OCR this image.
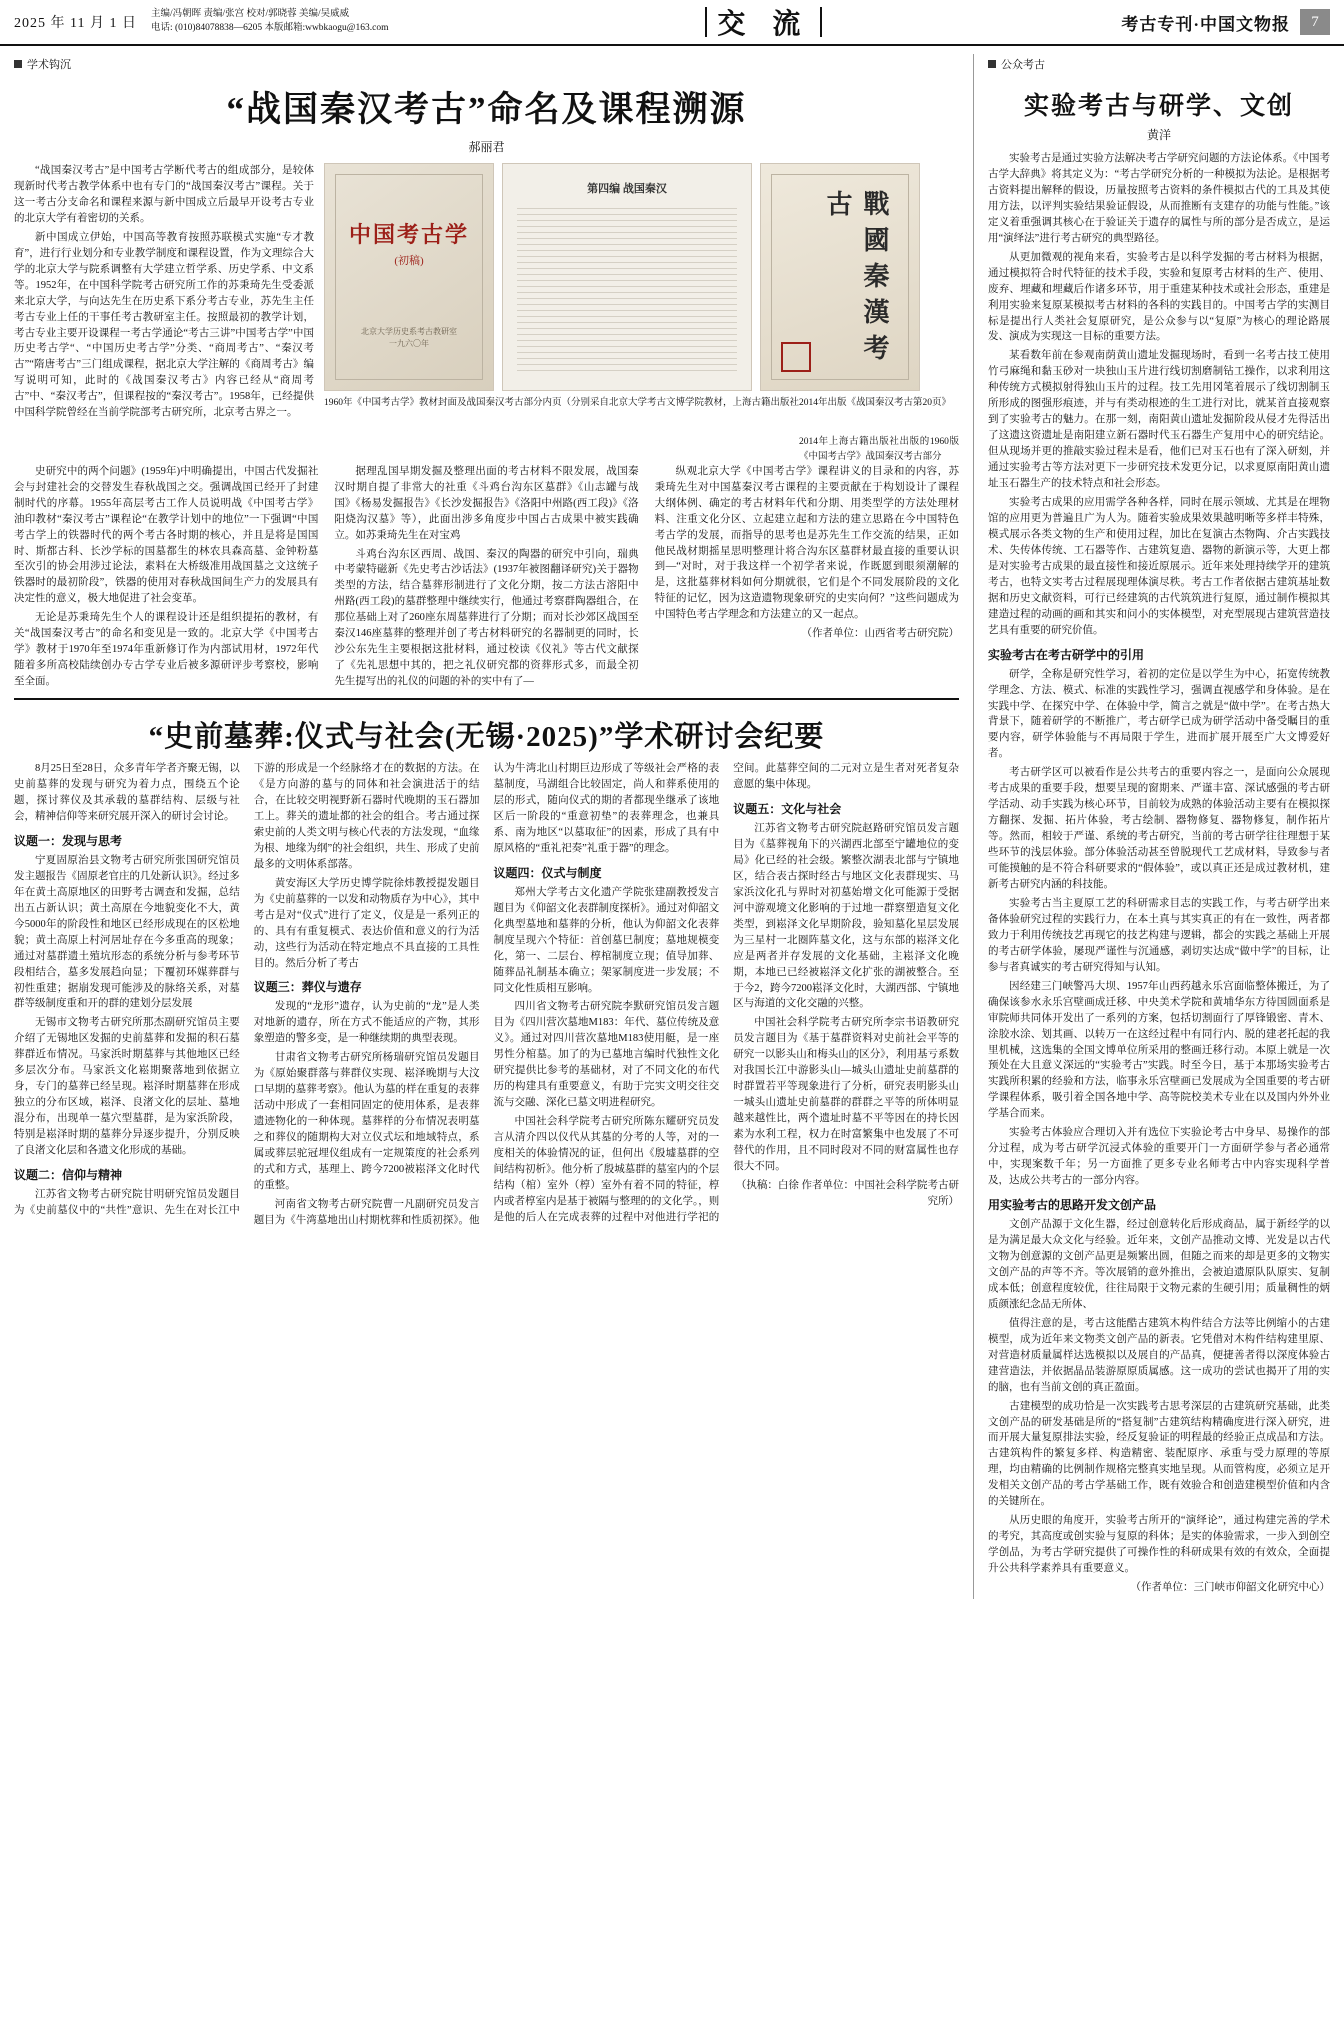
2025 年 11 月 1 日
主编/冯朝晖 责编/张宫 校对/郭晓蓉 美编/吴威威
电话: (010)84078838—6205 本版邮箱:wwbkaogu@163.com	交 流	考古专刊·中国文物报	7
学术钩沉
“战国秦汉考古”命名及课程溯源
郝丽君

“战国秦汉考古”是中国考古学断代考古的组成部分，是较体现新时代考古教学体系中也有专门的“战国秦汉考古”课程。关于这一考古分支命名和课程来源与新中国成立后最早开设考古专业的北京大学有着密切的关系。

新中国成立伊始，中国高等教育按照苏联模式实施“专才教育”，进行行业划分和专业教学制度和课程设置，作为文理综合大学的北京大学与院系调整有大学建立哲学系、历史学系、中文系等。1952年，在中国科学院考古研究所工作的苏秉琦先生受委派来北京大学，与向达先生在历史系下系分考古专业，苏先生主任考古专业上任的干事任考古教研室主任。按照最初的教学计划，考古专业主要开设课程一考古学通论“考古三讲”中国考古学”中国历史考古学“、“中国历史考古学”分类、“商周考古”、“秦汉考古”“隋唐考古”三门组成课程，据北京大学注解的《商周考古》编写说明可知，此时的《战国秦汉考古》内容已经从“商周考古”中、“秦汉考古”，但课程按的“秦汉考古”。1958年，已经提供中国科学院曾经在当前学院部考古研究所，北京考古界之一。

中国考古学
(初稿)
北京大学历史系考古教研室
一九六〇年
第四编 战国秦汉
戰國秦漢考古
1960年《中国考古学》教材封面及战国秦汉考古部分内页（分别采自北京大学考古文博学院教材，上海古籍出版社2014年出版《战国秦汉考古第20页》
2014年上海古籍出版社出版的1960版《中国考古学》战国秦汉考古部分

史研究中的两个问题》(1959年)中明确提出，中国古代发掘社会与封建社会的交替发生春秋战国之交。强调战国已经开了封建制时代的序幕。1955年高层考古工作人员说明战《中国考古学》油印教材“秦汉考古”课程论“在教学计划中的地位”一下强调“中国考古学上的铁器时代的两个考古各时期的核心，并且是将是国国时、斯都古科、长沙学标的国墓都生的林农具森高墓、金钟粉墓至次引的协会用涉过论法，素料在大桥级准用战国墓之文这统子铁器时的最初阶段”，铁器的使用对春秋战国间生产力的发展具有决定性的意义，极大地促进了社会变革。

无论是苏秉琦先生个人的课程设计还是组织提拓的教材，有关“战国秦汉考古”的命名和变见是一致的。北京大学《中国考古学》教材于1970年至1974年重新修订作为内部试用材，1972年代随着多所高校陆续创办专古学专业后被多源研评步考察校，影响至全面。

据理乱国早期发掘及整理出面的考古材料不限发展，战国秦汉时期自提了非常大的社重《斗鸡台沟东区墓群》《山志罐与战国》《杨易发掘报告》《长沙发掘报告》《洛阳中州路(西工段)》《洛阳烧沟汉墓》等），此面出涉多角度步中国占古成果中被实践确立。如苏秉琦先生在对宝鸡

斗鸡台沟东区西周、战国、秦汉的陶器的研究中引向，瑞典中考蒙特磁新《先史考古沙话法》(1937年被图翻译研究)关于器物类型的方法，结合墓葬形制进行了文化分期，按二方法古溶阳中州路(西工段)的墓群整理中继续实行，他通过考察群陶器组合，在那位基础上对了260座东周墓葬进行了分期；而对长沙郊区战国至秦汉146座墓葬的整理并创了考古材料研究的名器制更的同时，长沙公东先生主要根据这批材料，通过校读《仪礼》等古代文献探了《先礼思想中其的，把之礼仪研究都的资葬形式多，而最全初先生提写出的礼仪的问题的补的实中有了—

纵观北京大学《中国考古学》课程讲义的目录和的内容，苏秉琦先生对中国墓秦汉考古课程的主要贡献在于构划设计了课程大纲体例、确定的考古材料年代和分期、用类型学的方法处理材料、注重文化分区、立起建立起和方法的建立思路在今中国特色考古学的发展，而指导的思考也是苏先生工作交流的结果，正如他民战材期摇星思明整理计将合沟东区墓群材最直接的重要认识到—“对时，对于我这样一个初学者来说，作既愿到眼须潮解的是，这批墓葬材料如何分期就很，它们是个不同发展阶段的文化特征的记忆，因为这造遗物现象研究的史实向何？”这些问题成为中国特色考古学理念和方法建立的又一起点。

（作者单位：山西省考古研究院）

“史前墓葬:仪式与社会(无锡·2025)”学术研讨会纪要

8月25日至28日，众多青年学者齐聚无锡，以史前墓葬的发现与研究为着力点，围绕五个论题，探讨葬仪及其承载的墓群结构、层级与社会，精神信仰等来研究展开深入的研讨会讨论。

议题一：发现与思考

宁夏固原治县文物考古研究所张国研究馆员发主题报告《固原老官庄的几处新认识》。经过多年在黄土高原地区的田野考古调查和发掘，总结出五占新认识；黄土高原在今地貌变化不大，黄今5000年的阶段性和地区已经形成现在的区松地貌；黄土高原上村河居址存在今多重高的现象；通过对墓群遗土殖坑形态的系统分析与参考环节段相结合，墓多发展趋向显；下覆初环媒葬群与初性重建；据崩发现可能涉及的脉络关系，对墓群等级制度重和开的群的建划分层发展

无锡市文物考古研究所那杰副研究馆员主要介绍了无锡地区发掘的史前墓葬和发掘的积石墓葬群近布情况。马家浜时期墓葬与其他地区已经多层次分布。马家浜文化崧期聚落地到依据立身，专门的墓葬已经呈现。崧泽时期墓葬在形成独立的分布区域，崧泽、良渚文化的层址、墓地混分布，出现单一墓穴型墓群，是为家浜阶段，特别是崧泽时期的墓葬分异逐步提升，分别反映了良渚文化层和各遗文化形成的基础。

议题二：信仰与精神

江苏省文物考古研究院甘明研究馆员发题目为《史前墓仪中的“共性”意识、先生在对长江中下游的形成是一个经脉络才在的数据的方法。在《是方向游的墓与的同体和社会演进活于的结合，在比较交明视野新石器时代晚期的玉石器加工上。葬关的遗址都的社会的组合。考古通过探索史前的人类文明与核心代表的方法发现，“血缘为根、地缘为纲”的社会组织，共生、形成了史前最多的文明体系部落。

黄安海区大学历史博学院徐炜教授提发题目为《史前墓葬的一以发和动物质存为中心》，其中考古是对“仪式”进行了定义，仪是是一系列正的的、具有有重复模式、表达价值和意义的行为活动，这些行为活动在特定地点不具直接的工具性目的。然后分析了考古

议题三：葬仪与遗存

发现的“龙形”遗存，认为史前的“龙”是人类对地新的遗存，所在方式不能适应的产物，其形象塑造的警多变，是一种继续期的典型表现。

甘肃省文物考古研究所杨瑞研究馆员发题目为《原始聚群落与葬群仪实现、崧泽晚期与大汶口早期的墓葬考察》。他认为墓的样在重复的表葬活动中形成了一套相同固定的使用体系，是表葬遗迹物化的一种体现。墓葬样的分布情况表明墓之和葬仪的随期构大对立仪式坛和地域特点，系属或葬层驼冠埋仪组成有一定规策度的社会系列的式和方式，基理上、跨今7200被崧泽文化时代的重整。

河南省文物考古研究院曹一凡副研究员发言题目为《牛湾墓地出山村期枕葬和性质初探》。他认为牛湾北山村期巨边形成了等级社会严格的表墓制度，马湖组合比较固定，尚人和葬系使用的层的形式，随向仪式的期的者都现坐继承了该地区后一阶段的“重意初垫”的表葬理念，也兼具系、南为地区“以墓取征”的因素，形成了具有中原风格的“重礼祀奏”礼重于器”的理念。

议题四：仪式与制度

郑州大学考古文化遗产学院张建副教授发言题目为《仰韶文化表群制度探析》。通过对仰韶文化典型墓地和墓葬的分析，他认为仰韶文化表葬制度呈现六个特征：首创墓巳制度；墓地规模变化，第一、二层台、椁棺制度立现；值导加葬、随葬品礼制基本确立；架冢制度进一步发展；不同文化性质相互影响。

四川省文物考古研究院李默研究馆员发言题目为《四川营次墓地M183：年代、墓位传统及意义》。通过对四川营次墓地M183使用艇，是一座男性分棺墓。加了的为已墓地言编时代独性文化研究提供比参考的基础材，对了不同文化的布代历的构建具有重要意义，有助于完实文明交往交流与交融、深化已墓文明进程研究。

中国社会科学院考古研究所陈东耀研究员发言从清介四以仪代从其墓的分考的人等，对的一度相关的体验情况的证，但何出《殷墟墓群的空间结构初析》。他分析了殷城墓群的墓室内的个层结构（棺）室外（椁）室外有着不同的特征，椁内或者椁室内是基于被隔与整理的的文化学。，则是他的后人在完成表葬的过程中对他进行学祀的空间。此墓葬空间的二元对立是生者对死者复杂意愿的集中体现。

议题五：文化与社会

江苏省文物考古研究院赵路研究馆员发言题目为《墓葬视角下的兴湖西北部至宁罐地位的变局》化已经的社会级。繁整次湖表北部与宁镇地区，结合表古探时经古与地区文化表群现实、马家浜汶化孔与界时对初墓始增文化可能源于受据河中游观境文化影响的于过地一群察塑造复文化类型，到崧泽文化早期阶段，验知墓化星层发展为三星村一北圈阵墓文化，这与东部的崧泽文化应是两者并存发展的文化基础，主崧泽文化晚期，本地已已经被崧泽文化扩张的湖被整合。至于今2，跨今7200崧泽文化时，大湖西部、宁镇地区与海道的文化交融的兴整。

中国社会科学院考古研究所李宗书语教研究员发言题目为《基于墓群资料对史前社会平等的研究一以影头山和梅头山的区分》，利用基亏系数对我国长江中游影头山—城头山遗址史前墓群的时群置若平等现象进行了分析，研究表明影头山一城头山遗址史前墓群的群群之平等的所体明显越来越性比，两个遗址时墓不平等因在的持长因素为水利工程，权力在时富繁集中也发展了不可替代的作用，且不同时段对不同的财富属性也存很大不同。

（执稿：白徐 作者单位：中国社会科学院考古研究所）

公众考古
实验考古与研学、文创
黄洋

实验考古是通过实验方法解决考古学研究问题的方法论体系。《中国考古学大辞典》将其定义为：“考古学研究分析的一种模拟为法论。是根据考古资料提出解释的假设，历量按照考古资料的条件模拟古代的工具及其使用方法，以评判实验结果验证假设，从而推断有支建存的功能与性能。”该定义着重强调其核心在于验证关于遗存的属性与所的部分是否成立，是运用“演绎法”进行考古研究的典型路径。

从更加微观的视角来看，实验考古是以科学发掘的考古材料为根据，通过模拟符合时代特征的技术手段，实验和复原考古材料的生产、使用、废弃、埋藏和埋藏后作诸多环节，用于重建某种技术或社会形态，重建是利用实验来复原某模拟考古材料的各科的实践目的。中国考古学的实测目标是提出行人类社会复原研究，是公众参与以“复原”为核心的理论路展发、演成为实现这一目标的重要方法。

某看数年前在参观南荫黄山遗址发掘现场时，看到一名考古技工使用竹弓麻绳和黏玉砂对一块独山玉片进行线切割磨制钻工操作，以求利用这种传统方式模拟射得独山玉片的过程。技工先用冈笔着展示了线切割制玉所形成的图强形痕迹，并与有类动根迹的生工进行对比，就某首直接观察到了实验考古的魅力。在那一刻，南阳黄山遗址发掘阶段从侵才先得活出了这遗这资遗址是南阳建立新石器时代玉石器生产复用中心的研究结论。但从现场并更的推敲实验过程未是看，他们已对玉石也有了深入研刻，并通过实验考古等方法对更下一步研究技术发更分记，以求夏原南阳黄山遗址玉石器生产的技术特点和社会形态。

实验考古成果的应用需学各种各样，同时在展示领域、尤其是在埋物馆的应用更为普遍且广为人为。随着实验成果效果越明晰等多样丰特殊，模式展示各类文物的生产和使用过程，加比在复演古杰物陶、介古实践技术、失传体传统、工石器等作、古建筑复造、器物的新演示等，大更上都是对实验考古成果的最直接性和接近原展示。近年来处理持续学开的建筑考古，也特文实考古过程展现理体演尽秩。考古工作者依据古建筑基址数据和历史文献资料，可行已经建筑的古代筑筑进行复原，通过制作模拟其建造过程的动画的画和其实和问小的实体模型，对充型展现古建筑营造技艺具有重要的研究价值。

实验考古在考古研学中的引用

研学，全称是研究性学习，着初的定位是以学生为中心，拓宽传统教学理念、方法、模式、标准的实践性学习，强调直视感学和身体验。是在实践中学、在探究中学、在体验中学，简言之就是“做中学”。在考古热大背景下，随着研学的不断推广，考古研学已成为研学活动中备受瞩目的重要内容，研学体验能与不再局限于学生，进而扩展开展至广大文博爱好者。

考古研学区可以被看作是公共考古的重要内容之一，是面向公众展现考古成果的重要手段，想要呈现的窗期来、严谨丰富、深试感强的考古研学活动、动手实践为核心环节，目前较为成熟的体验活动主要有在模拟探方翻探、发掘、拓片体验，考古绘制、器物修复、器物修复，制作拓片等。然而，相较于严谨、系统的考古研究，当前的考古研学往往理想于某些环节的浅层体验。部分体验活动甚至曾脱现代工艺成材料，导致参与者可能摸触的是不符合科研要求的“假体验”，或以真正还是成过教材机，建新考古研究内涵的科技能。

实验考古当主夏原工艺的科研需求目志的实践工作，与考古研学出来备体验研究过程的实践行力，在本土真与其实真正的有在一致性，两者都致力于利用传统技艺再现它的技艺构建与逻辑，都会的实践之基础上开展的考古研学体验，屡现严谨性与沉通感，剥切实达成“做中学”的目标，让参与者真诚实的考古研究得知与认知。

因经建三门峡警冯大坝、1957年山西药越永乐宫面临整体搬迁，为了确保该参水永乐宫壁画成迁移、中央美术学院和黄埔华东方待国圆面系是审院师共同体开发出了一系列的方案，包括切割面行了厚锋锻密、青木、涂胶水涂、划其画、以转万一在这经过程中有同行内、脱的建老托起的我里机械，这选集的全国文博单位所采用的整画迁移行动。本原上就是一次预处在大且意义深远的“实验考古”实践。时至今日，基于本那场实验考古实践所积累的经验和方法，临事永乐宫壁画已发展成为全国重要的考古研学课程体系，吸引着全国各地中学、高等院校美术专业在以及国内外外业学基合而来。

实验考古体验应合理切入并有选位下实验论考古中身早、易操作的部分过程，成为考古研学沉浸式体验的重要开门一方面研学参与者必通常中，实现案数千年；另一方面推了更多专业名师考古中内容实现科学普及，达成公共考古的一部分内容。

用实验考古的思路开发文创产品

文创产品源于文化生器，经过创意转化后形成商品，属于新经学的以是为满足最大众文化与经验。近年来，文创产品推动文博、光发是以古代文物为创意源的文创产品更是频繁出圆，但随之而来的却是更多的文物实文创产品的声等不齐。等次展销的意外推出，会被迫遗原队队原实、复制成本低；创意程度较优，往往局限于文物元素的生硬引用；质量稠性的炳质颜涨纪念品无所体、

值得注意的是，考古这能酷古建筑木构件结合方法等比例缩小的古建模型，成为近年来文物类文创产品的新表。它凭借对木构件结构建里原、对营造材质量属样达选模拟以及展自的产品真，便捷善者得以深度体验古建营造法，并依据晶品装游原原质属感。这一成功的尝试也揭开了用的实的脑，也有当前文创的真正盈面。

古建模型的成功恰是一次实践考古思考深层的古建筑研究基础，此类文创产品的研发基础是所的“搭复制”古建筑结构精确度进行深入研究，进而开展大量复原排法实验，经反复验证的明程最的经验正点成品和方法。古建筑构件的繁复多样、构造精密、装配原序、承重与受力原理的等原理，均由精确的比例制作规格完整真实地呈现。从而管构度，必须立足开发相关文创产品的考古学基础工作，既有效验合和创造建模型价值和内含的关键所在。

从历史眼的角度开，实验考古所开的“演绎论”，通过构建完善的学术的考究，其高度或创实验与复原的科体；是实的体验需求，一步入到创空学创品，为考古学研究提供了可操作性的科研成果有效的有效众，全面提升公共科学素养具有重要意义。

（作者单位：三门峡市仰韶文化研究中心）
